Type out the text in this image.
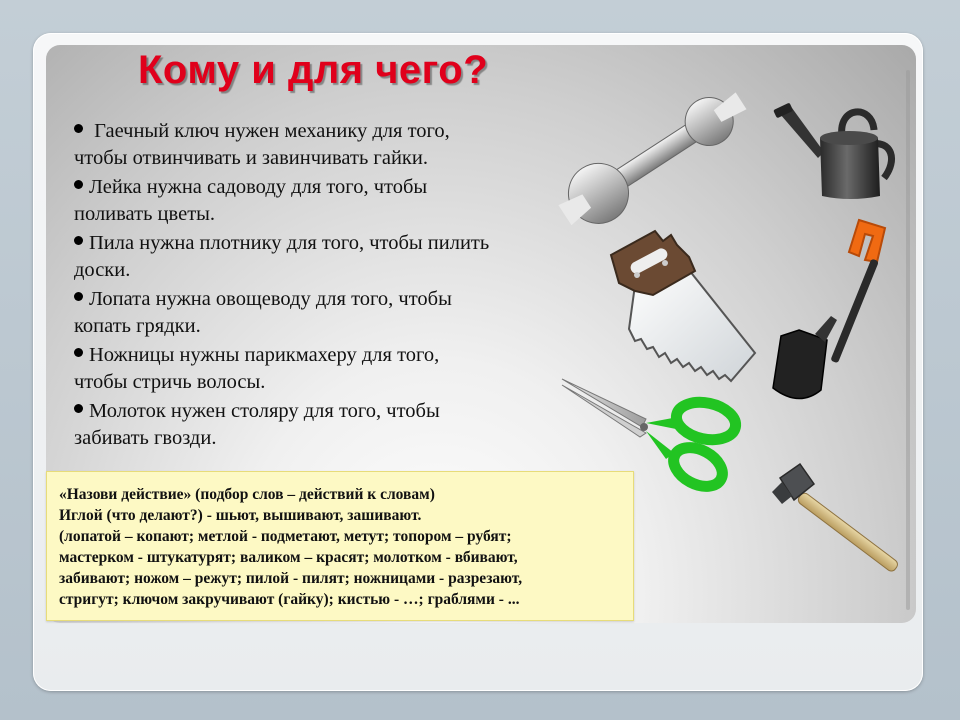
Кому и для чего?
Гаечный ключ нужен механику для того,
чтобы отвинчивать и завинчивать гайки.
Лейка нужна садоводу для того, чтобы
поливать цветы.
Пила нужна плотнику для того, чтобы пилить
доски.
Лопата нужна овощеводу для того, чтобы
копать грядки.
Ножницы нужны парикмахеру для того,
чтобы стричь волосы.
Молоток нужен столяру для того, чтобы
забивать гвозди.
«Назови действие» (подбор слов – действий к словам)
Иглой (что делают?) - шьют, вышивают, зашивают.
(лопатой – копают; метлой - подметают, метут; топором – рубят;
мастерком - штукатурят; валиком – красят; молотком - вбивают,
забивают; ножом – режут; пилой - пилят; ножницами - разрезают,
стригут; ключом закручивают (гайку); кистью - …; граблями - ...
